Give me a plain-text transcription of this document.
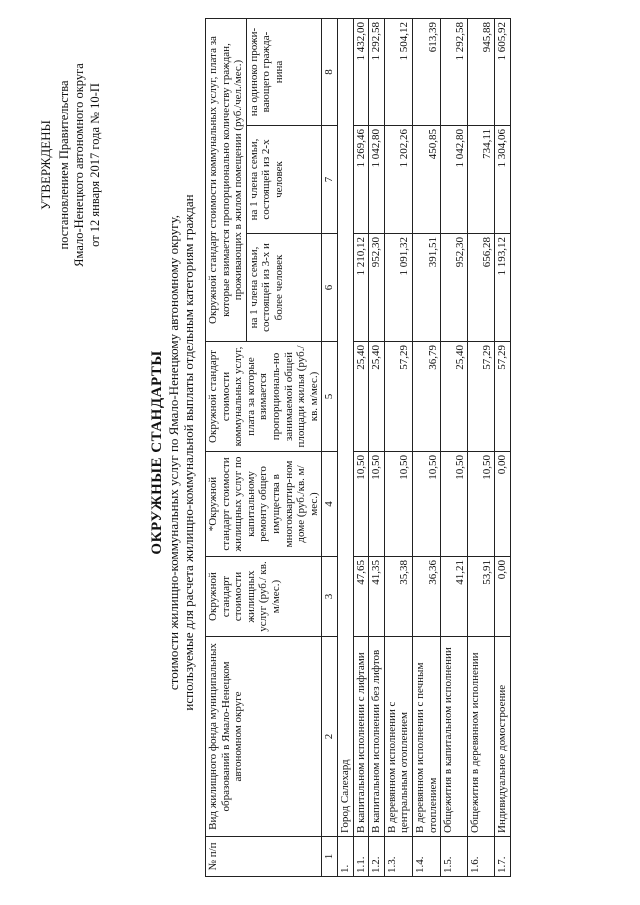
УТВЕРЖДЕНЫ постановлением Правительства Ямало-Ненецкого автономного округа от 12 января 2017 года № 10-П
ОКРУЖНЫЕ СТАНДАРТЫ стоимости жилищно-коммунальных услуг по Ямало-Ненецкому автономному округу, используемые для расчета жилищно-коммунальной выплаты отдельным категориям граждан
№ п/п	Вид жилищного фонда муниципальных образований в Ямало-Ненецком автономном округе	Окружной стандарт стоимости жилищных услуг (руб./ кв. м/мес.)	*Окружной стандарт стоимости жилищных услуг по капитальному ремонту общего имущества в многоквартир-ном доме (руб./кв. м/мес.)	Окружной стандарт стоимости коммунальных услуг, плата за которые взимается пропорциональ-но занимаемой общей площади жилья (руб./кв. м/мес.)	Окружной стандарт стоимости коммунальных услуг, плата за которые взимается пропорционально количеству граждан, проживающих в жилом помещении (руб./чел./мес.)		
					на 1 члена семьи, состоящей из 3-х и более человек	на 1 члена семьи, состоящей из 2-х человек	на одиноко прожи-вающего гражда-нина
1	2	3	4	5	6	7	8
1.	Город Салехард						
1.1.	В капитальном исполнении с лифтами	47,65	10,50	25,40	1 210,12	1 269,46	1 432,00
1.2.	В капитальном исполнении без лифтов	41,35	10,50	25,40	952,30	1 042,80	1 292,58
1.3.	В деревянном исполнении с центральным отоплением	35,38	10,50	57,29	1 091,32	1 202,26	1 504,12
1.4.	В деревянном исполнении с печным отоплением	36,36	10,50	36,79	391,51	450,85	613,39
1.5.	Общежития в капитальном исполнении	41,21	10,50	25,40	952,30	1 042,80	1 292,58
1.6.	Общежития в деревянном исполнении	53,91	10,50	57,29	656,28	734,11	945,88
1.7.	Индивидуальное домостроение	0,00	0,00	57,29	1 193,12	1 304,06	1 605,92
